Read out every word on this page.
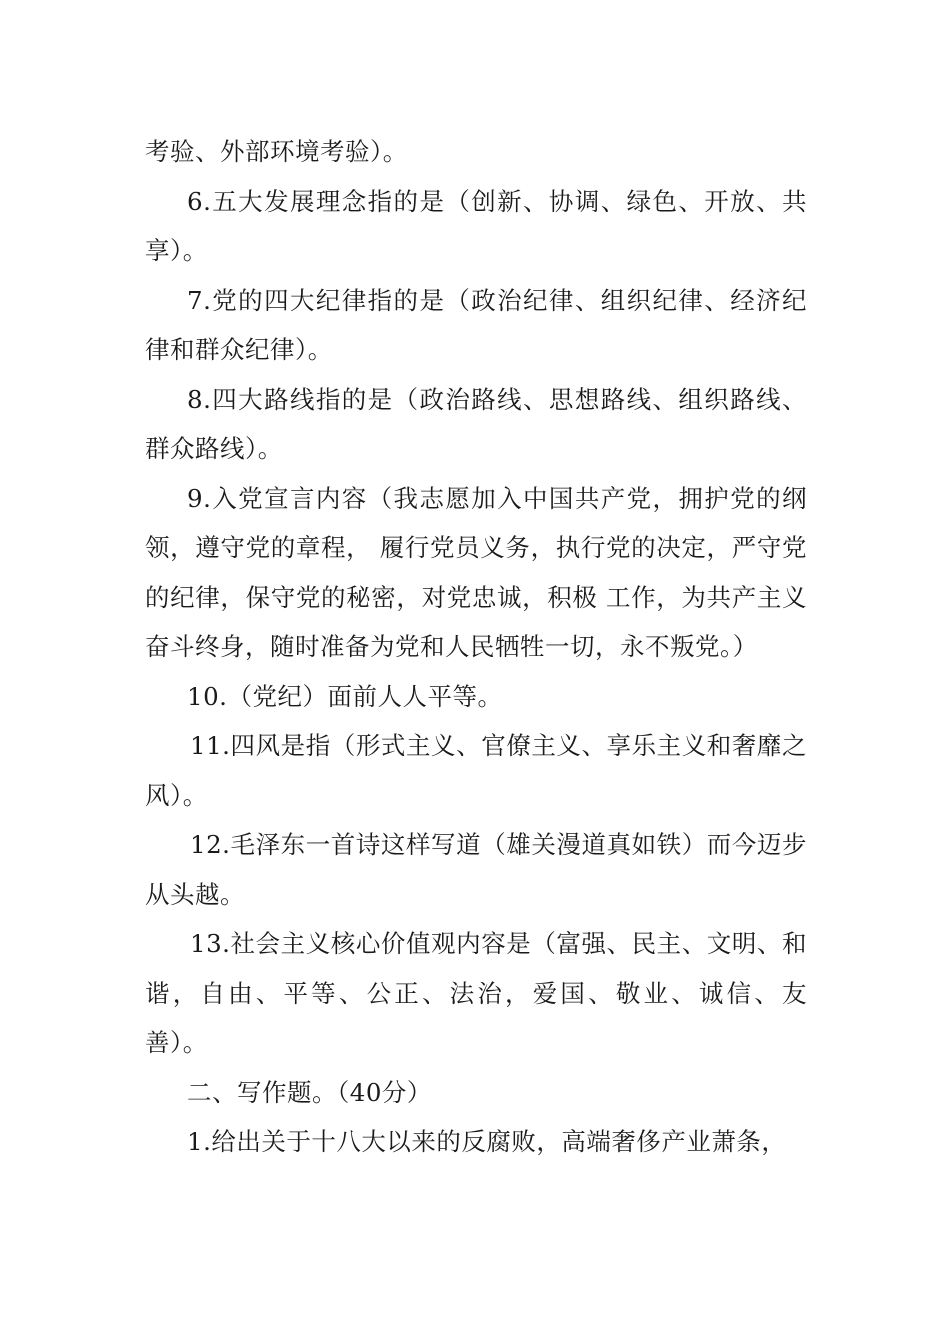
考验、外部环境考验）。

6.五大发展理念指的是（创新、协调、绿色、开放、共享）。

7.党的四大纪律指的是（政治纪律、组织纪律、经济纪律和群众纪律）。

8.四大路线指的是（政治路线、思想路线、组织路线、群众路线）。

9.入党宣言内容（我志愿加入中国共产党，拥护党的纲领，遵守党的章程， 履行党员义务，执行党的决定，严守党的纪律，保守党的秘密，对党忠诚，积极 工作，为共产主义奋斗终身，随时准备为党和人民牺牲一切，永不叛党。）

10.（党纪）面前人人平等。

11.四风是指（形式主义、官僚主义、享乐主义和奢靡之风）。

12.毛泽东一首诗这样写道（雄关漫道真如铁）而今迈步从头越。

13.社会主义核心价值观内容是（富强、民主、文明、和谐，自由、平等、公正、法治，爱国、敬业、诚信、友善）。

二、写作题。（40分）

1.给出关于十八大以来的反腐败，高端奢侈产业萧条，
